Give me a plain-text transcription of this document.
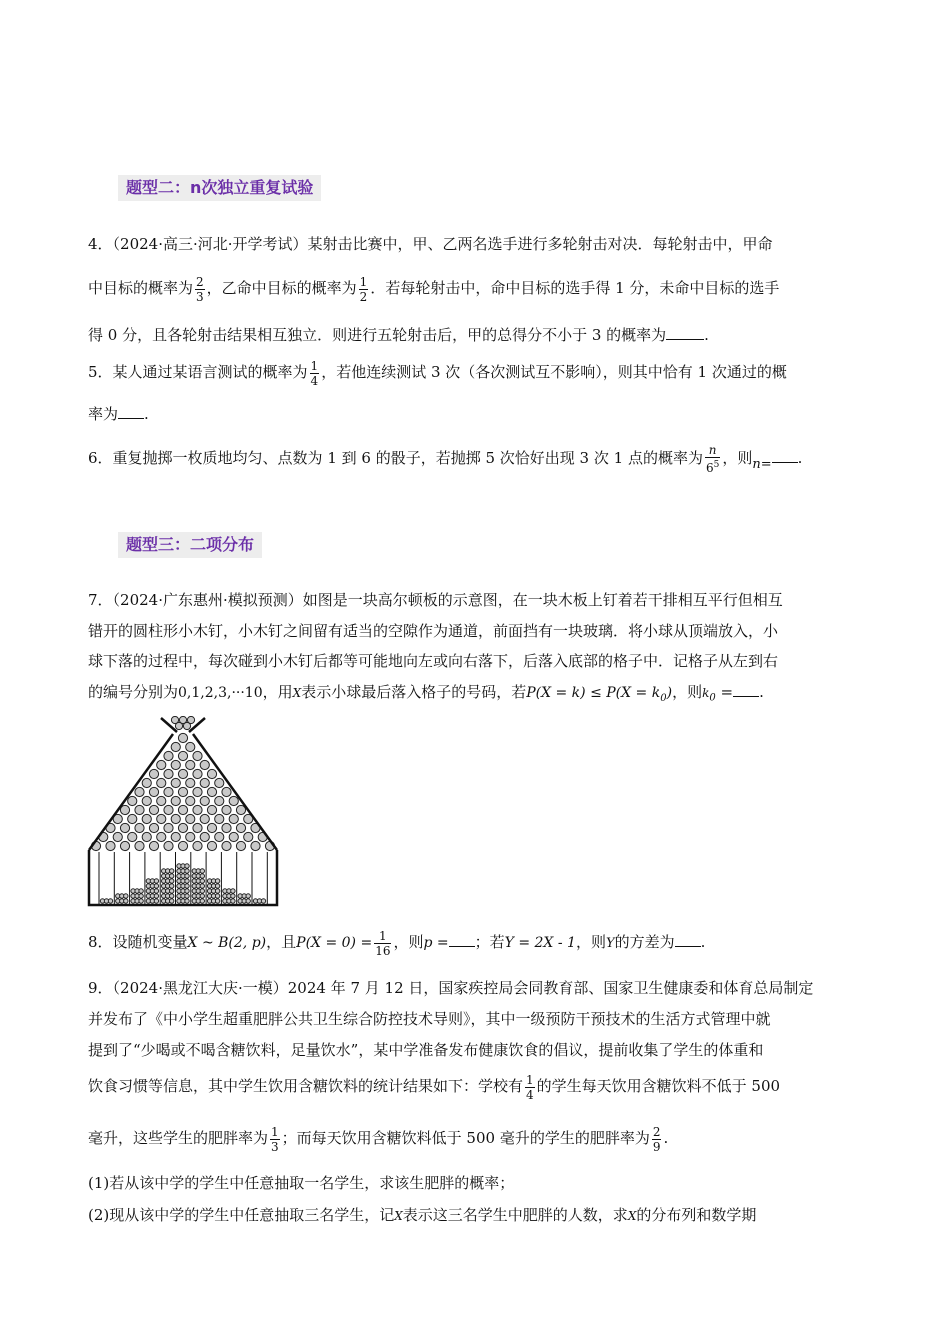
题型二：n次独立重复试验
4．（2024·高三·河北·开学考试）某射击比赛中，甲、乙两名选手进行多轮射击对决．每轮射击中，甲命
中目标的概率为 $\frac{2}{3}$ ，乙命中目标的概率为 $\frac{1}{2}$ ．若每轮射击中，命中目标的选手得 1 分，未命中目标的选手
得 0 分，且各轮射击结果相互独立．则进行五轮射击后，甲的总得分不小于 3 的概率为	.
5．某人通过某语言测试的概率为 $\frac{1}{4}$ ，若他连续测试 3 次（各次测试互不影响），则其中恰有 1 次通过的概
率为 .
6．重复抛掷一枚质地均匀、点数为 1 到 6 的骰子，若抛掷 5 次恰好出现 3 次 1 点的概率为 $\frac{n}{6^5}$ ，则n= .
题型三：二项分布
7．（2024·广东惠州·模拟预测）如图是一块高尔顿板的示意图，在一块木板上钉着若干排相互平行但相互
错开的圆柱形小木钉，小木钉之间留有适当的空隙作为通道，前面挡有一块玻璃．将小球从顶端放入，小
球下落的过程中，每次碰到小木钉后都等可能地向左或向右落下，后落入底部的格子中．记格子从左到右
的编号分别为0,1,2,3,···10，用X表示小球最后落入格子的号码，若$P(X = k) \le P(X = k_0)$，则$k_0$ = .
8．设随机变量X ~ B(2, p)，且$P(X = 0) = \frac{1}{16}$ ，则p = ；若Y = 2X - 1，则Y的方差为 .
9．（2024·黑龙江大庆·一模）2024 年 7 月 12 日，国家疾控局会同教育部、国家卫生健康委和体育总局制定
并发布了《中小学生超重肥胖公共卫生综合防控技术导则》，其中一级预防干预技术的生活方式管理中就
提到了“少喝或不喝含糖饮料，足量饮水”，某中学准备发布健康饮食的倡议，提前收集了学生的体重和
饮食习惯等信息，其中学生饮用含糖饮料的统计结果如下：学校有 $\frac{1}{4}$ 的学生每天饮用含糖饮料不低于 500
毫升，这些学生的肥胖率为 $\frac{1}{3}$ ；而每天饮用含糖饮料低于 500 毫升的学生的肥胖率为 $\frac{2}{9}$ .
(1)若从该中学的学生中任意抽取一名学生，求该生肥胖的概率；
(2)现从该中学的学生中任意抽取三名学生，记X表示这三名学生中肥胖的人数，求X的分布列和数学期
